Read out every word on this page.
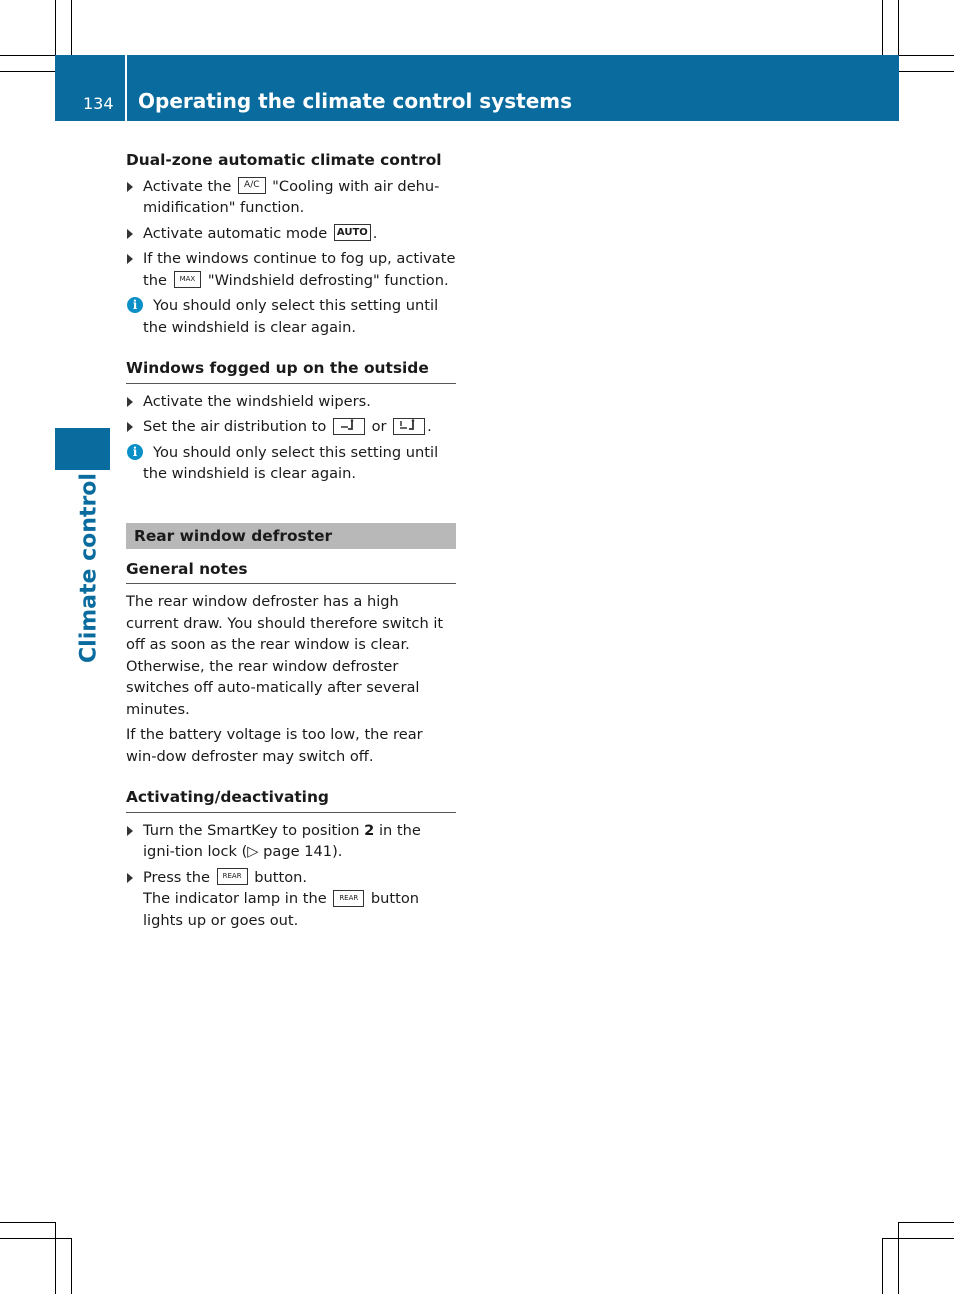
134 Operating the climate control systems
Climate control

Dual-zone automatic climate control

Activate the A/C "Cooling with air dehu-midification" function.
Activate automatic mode AUTO .
If the windows continue to fog up, activate the MAX "Windshield defrosting" function.
i	You should only select this setting until
the windshield is clear again.

Windows fogged up on the outside

Activate the windshield wipers.
Set the air distribution to	or	.
i	You should only select this setting until
the windshield is clear again.
Rear window defroster

General notes

The rear window defroster has a high current draw. You should therefore switch it off as soon as the rear window is clear. Otherwise, the rear window defroster switches off auto-matically after several minutes.

If the battery voltage is too low, the rear win-dow defroster may switch off.

Activating/deactivating

Turn the SmartKey to position 2 in the igni-tion lock (▷ page 141).
Press the REAR button.
The indicator lamp in the REAR button lights up or goes out.
